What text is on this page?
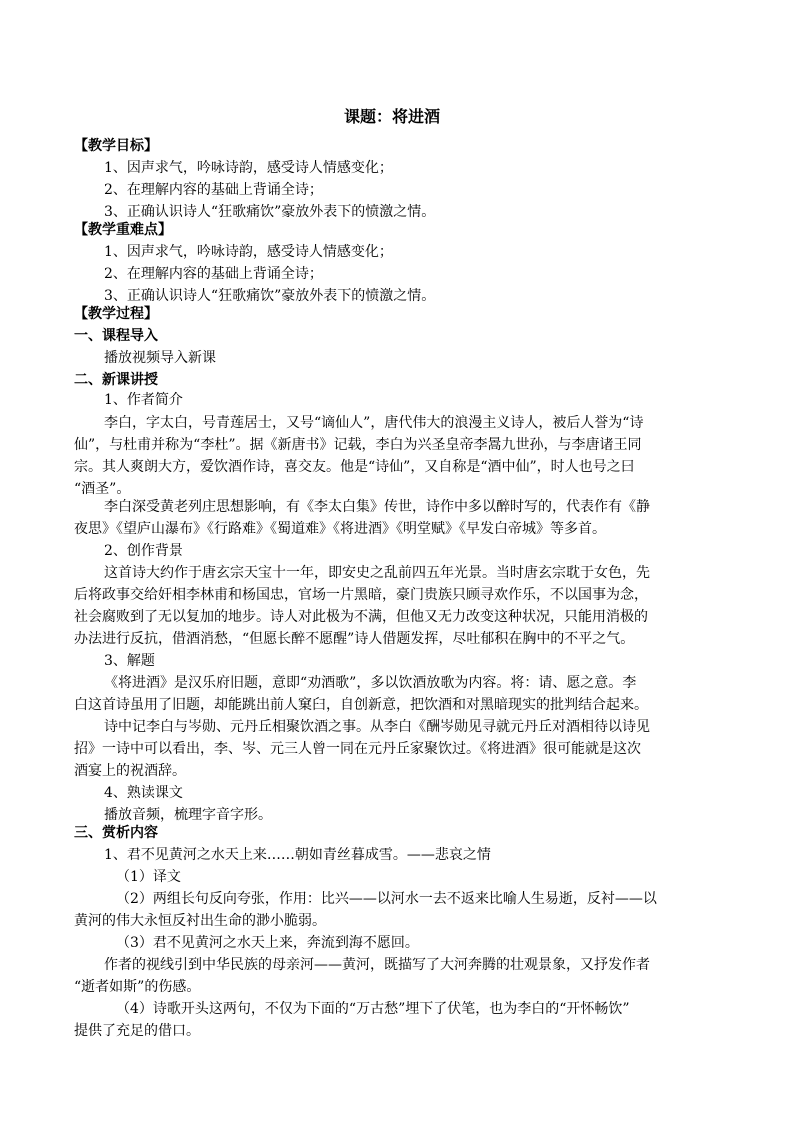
课题：将进酒
【教学目标】
1、因声求气，吟咏诗韵，感受诗人情感变化；
2、在理解内容的基础上背诵全诗；
3、正确认识诗人“狂歌痛饮”豪放外表下的愤激之情。
【教学重难点】
1、因声求气，吟咏诗韵，感受诗人情感变化；
2、在理解内容的基础上背诵全诗；
3、正确认识诗人“狂歌痛饮”豪放外表下的愤激之情。
【教学过程】
一、课程导入
播放视频导入新课
二、新课讲授
1、作者简介
李白，字太白，号青莲居士，又号“谪仙人”，唐代伟大的浪漫主义诗人，被后人誉为“诗
仙”，与杜甫并称为“李杜”。据《新唐书》记载，李白为兴圣皇帝李暠九世孙，与李唐诸王同
宗。其人爽朗大方，爱饮酒作诗，喜交友。他是“诗仙”，又自称是“酒中仙”，时人也号之曰
“酒圣”。
李白深受黄老列庄思想影响，有《李太白集》传世，诗作中多以醉时写的，代表作有《静
夜思》《望庐山瀑布》《行路难》《蜀道难》《将进酒》《明堂赋》《早发白帝城》等多首。
2、创作背景
这首诗大约作于唐玄宗天宝十一年，即安史之乱前四五年光景。当时唐玄宗耽于女色，先
后将政事交给奸相李林甫和杨国忠，官场一片黑暗，豪门贵族只顾寻欢作乐，不以国事为念，
社会腐败到了无以复加的地步。诗人对此极为不满，但他又无力改变这种状况，只能用消极的
办法进行反抗，借酒消愁，“但愿长醉不愿醒”诗人借题发挥，尽吐郁积在胸中的不平之气。
3、解题
《将进酒》是汉乐府旧题，意即“劝酒歌”，多以饮酒放歌为内容。将：请、愿之意。李
白这首诗虽用了旧题，却能跳出前人窠臼，自创新意，把饮酒和对黑暗现实的批判结合起来。
诗中记李白与岑勋、元丹丘相聚饮酒之事。从李白《酬岑勋见寻就元丹丘对酒相待以诗见
招》一诗中可以看出，李、岑、元三人曾一同在元丹丘家聚饮过。《将进酒》很可能就是这次
酒宴上的祝酒辞。
4、熟读课文
播放音频，梳理字音字形。
三、赏析内容
1、君不见黄河之水天上来……朝如青丝暮成雪。——悲哀之情
（1）译文
（2）两组长句反向夸张，作用：比兴——以河水一去不返来比喻人生易逝，反衬——以
黄河的伟大永恒反衬出生命的渺小脆弱。
（3）君不见黄河之水天上来，奔流到海不愿回。
作者的视线引到中华民族的母亲河——黄河，既描写了大河奔腾的壮观景象，又抒发作者
“逝者如斯”的伤感。
（4）诗歌开头这两句，不仅为下面的“万古愁”埋下了伏笔，也为李白的“开怀畅饮”
提供了充足的借口。
